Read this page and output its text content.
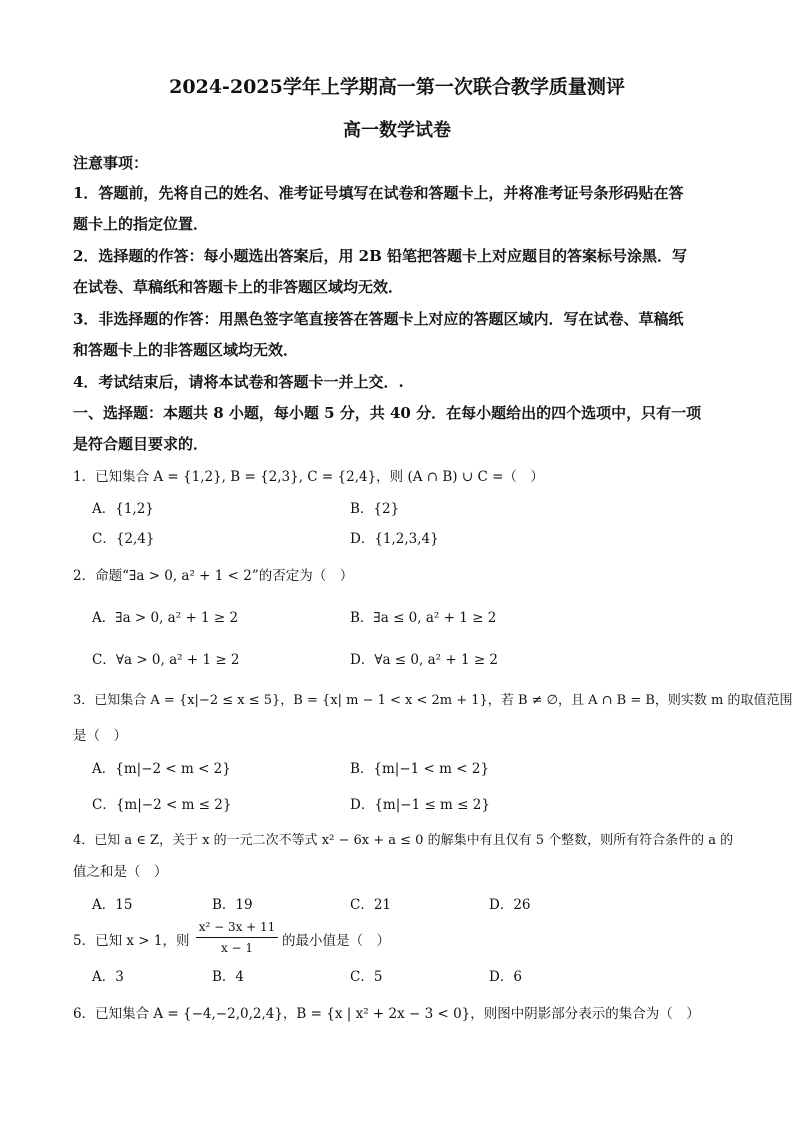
2024-2025学年上学期高一第一次联合教学质量测评
高一数学试卷
注意事项：
1．答题前，先将自己的姓名、准考证号填写在试卷和答题卡上，并将准考证号条形码贴在答
题卡上的指定位置．
2．选择题的作答：每小题选出答案后，用 2B 铅笔把答题卡上对应题目的答案标号涂黑．写
在试卷、草稿纸和答题卡上的非答题区域均无效．
3．非选择题的作答：用黑色签字笔直接答在答题卡上对应的答题区域内．写在试卷、草稿纸
和答题卡上的非答题区域均无效．
4．考试结束后，请将本试卷和答题卡一并上交．.
一、选择题：本题共 8 小题，每小题 5 分，共 40 分．在每小题给出的四个选项中，只有一项
是符合题目要求的．
1．已知集合 A = {1,2}, B = {2,3}, C = {2,4}，则 (A ∩ B) ∪ C =（　）
A．{1,2}	B．{2}
C．{2,4}	D．{1,2,3,4}
2．命题“∃a > 0, a² + 1 < 2”的否定为（　）
A．∃a > 0, a² + 1 ≥ 2	B．∃a ≤ 0, a² + 1 ≥ 2
C．∀a > 0, a² + 1 ≥ 2	D．∀a ≤ 0, a² + 1 ≥ 2
3．已知集合 A = {x|−2 ≤ x ≤ 5}，B = {x| m − 1 < x < 2m + 1}，若 B ≠ ∅，且 A ∩ B = B，则实数 m 的取值范围
是（　）
A．{m|−2 < m < 2}	B．{m|−1 < m < 2}
C．{m|−2 < m ≤ 2}	D．{m|−1 ≤ m ≤ 2}
4．已知 a ∈ Z，关于 x 的一元二次不等式 x² − 6x + a ≤ 0 的解集中有且仅有 5 个整数，则所有符合条件的 a 的
值之和是（　）
A．15	B．19	C．21	D．26
5．已知 x > 1，则
x² − 3x + 11
x − 1	的最小值是（　）
A．3	B．4	C．5	D．6
6．已知集合 A = {−4,−2,0,2,4}，B = {x | x² + 2x − 3 < 0}，则图中阴影部分表示的集合为（　）
